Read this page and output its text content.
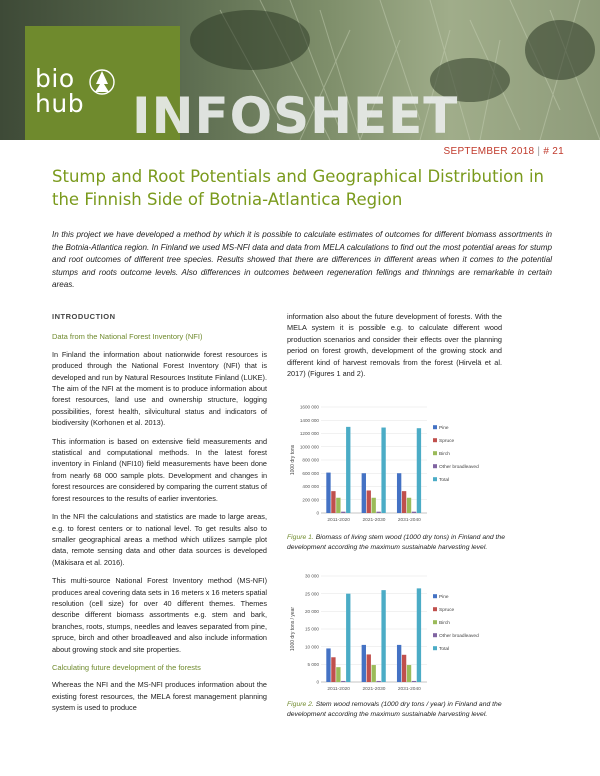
bio
hub INFOSHEET
SEPTEMBER 2018 | # 21
Stump and Root Potentials and Geographical Distribution in the Finnish Side of Botnia-Atlantica Region

In this project we have developed a method by which it is possible to calculate estimates of outcomes for different biomass assortments in the Botnia-Atlantica region. In Finland we used MS-NFI data and data from MELA calculations to find out the most potential areas for stump and root outcomes of different tree species. Results showed that there are differences in different areas when it comes to the potential stumps and roots outcome levels. Also differences in outcomes between regeneration fellings and thinnings are remarkable in certain areas.

INTRODUCTION
Data from the National Forest Inventory (NFI)

In Finland the information about nationwide forest resources is produced through the National Forest Inventory (NFI) that is developed and run by Natural Resources Institute Finland (LUKE). The aim of the NFI at the moment is to produce information about forest resources, land use and ownership structure, logging possibilities, forest health, silvicultural status and indicators of biodiversity (Korhonen et al. 2013).

This information is based on extensive field measurements and statistical and computational methods. In the latest forest inventory in Finland (NFI10) field measurements have been done from nearly 68 000 sample plots. Development and changes in forest resources are considered by comparing the current status of forest resources to the results of earlier inventories.

In the NFI the calculations and statistics are made to large areas, e.g. to forest centers or to national level. To get results also to smaller geographical areas a method which utilizes sample plot data, remote sensing data and other data sources is developed (Mäkisara et al. 2016).

This multi-source National Forest Inventory method (MS-NFI) produces areal covering data sets in 16 meters x 16 meters spatial resolution (cell size) for over 40 different themes. Themes describe different biomass assortments e.g. stem and bark, branches, roots, stumps, needles and leaves separated from pine, spruce, birch and other broadleaved and also include information about growing stock and site properties.

Calculating future development of the forests

Whereas the NFI and the MS-NFI produces information about the existing forest resources, the MELA forest management planning system is used to produce

information also about the future development of forests. With the MELA system it is possible e.g. to calculate different wood production scenarios and consider their effects over the planning period on forest growth, development of the growing stock and different kind of harvest removals from the forest (Hirvelä et al. 2017) (Figures 1 and 2).

1000 dry tons
0
200 000
400 000
600 000
800 000
1000 000
1200 000
1400 000
1600 000
2011-2020	2021-2030	2031-2040
Pine
Spruce
Birch
Other broadleaved
Total
Figure 1. Biomass of living stem wood (1000 dry tons) in Finland and the development according the maximum sustainable harvesting level.
1000 dry tons / year
0
5 000
10 000
15 000
20 000
25 000
30 000
2011-2020	2021-2030	2031-2040
Pine
Spruce
Birch
Other broadleaved
Total
Figure 2. Stem wood removals (1000 dry tons / year) in Finland and the development according the maximum sustainable harvesting level.
